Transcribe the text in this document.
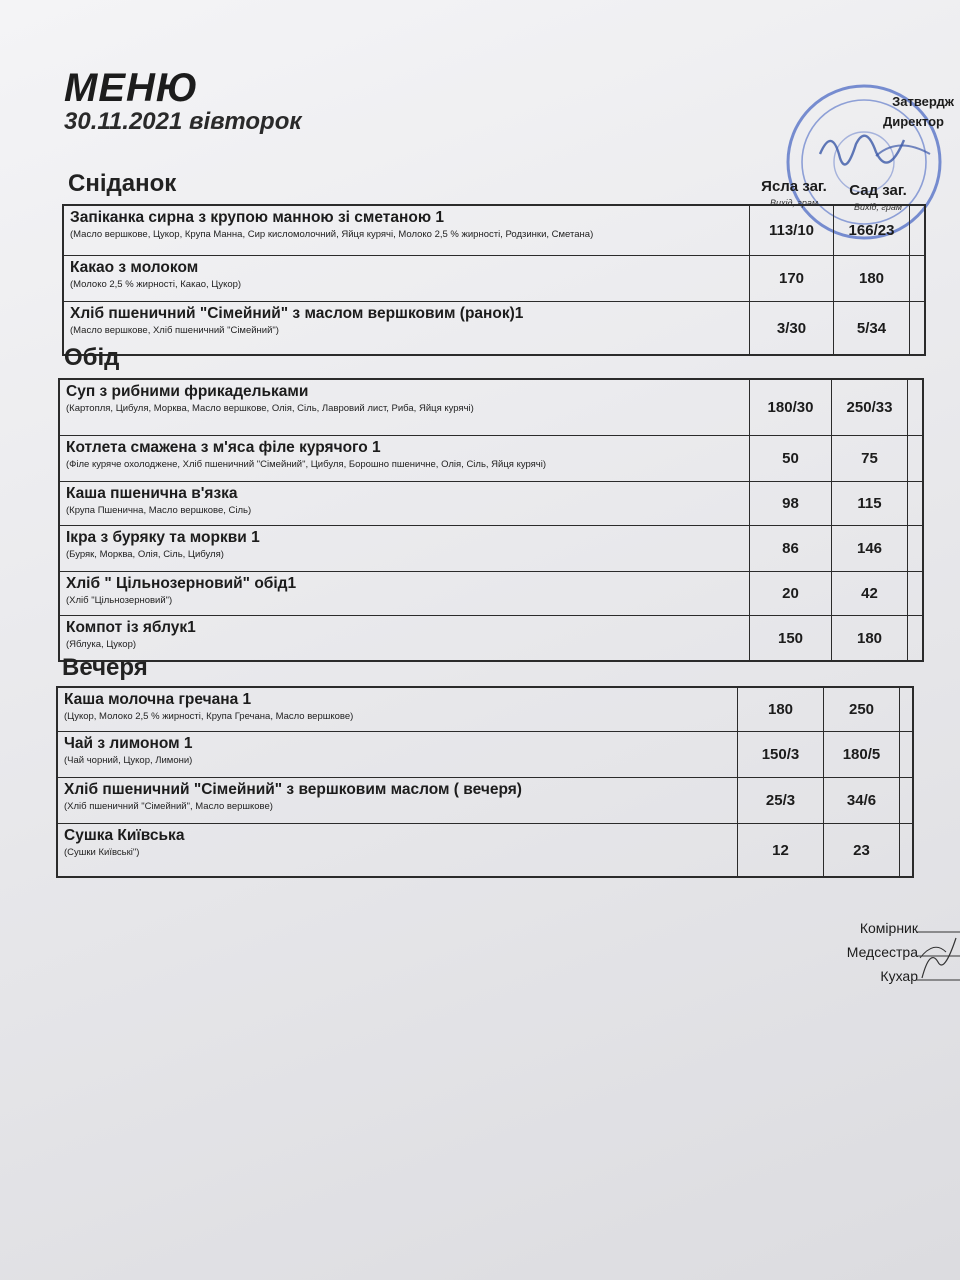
МЕНЮ
30.11.2021 вівторок
Затвердж
Директор
Ясла заг.	Сад заг.
Вихід, грам	Вихід, грам
Сніданок
Запіканка сирна з крупою манною зі сметаною 1
(Масло вершкове, Цукор, Крупа Манна, Сир кисломолочний, Яйця курячі, Молоко 2,5 % жирності, Родзинки, Сметана)	113/10	166/23
Какао з молоком
(Молоко 2,5 % жирності, Какао, Цукор)	170	180
Хліб пшеничний "Сімейний" з маслом вершковим (ранок)1
(Масло вершкове, Хліб пшеничний "Сімейний")	3/30	5/34
Обід
Суп з рибними фрикадельками
(Картопля, Цибуля, Морква, Масло вершкове, Олія, Сіль, Лавровий лист, Риба, Яйця курячі)	180/30	250/33
Котлета смажена з м'яса філе курячого 1
(Філе куряче охолоджене, Хліб пшеничний "Сімейний", Цибуля, Борошно пшеничне, Олія, Сіль, Яйця курячі)	50	75
Каша пшенична в'язка
(Крупа Пшенична, Масло вершкове, Сіль)	98	115
Ікра з буряку та моркви 1
(Буряк, Морква, Олія, Сіль, Цибуля)	86	146
Хліб " Цільнозерновий" обід1
(Хліб "Цільнозерновий")	20	42
Компот із яблук1
(Яблука, Цукор)	150	180
Вечеря
Каша молочна гречана 1
(Цукор, Молоко 2,5 % жирності, Крупа Гречана, Масло вершкове)	180	250
Чай з лимоном 1
(Чай чорний, Цукор, Лимони)	150/3	180/5
Хліб пшеничний "Сімейний" з вершковим маслом ( вечеря)
(Хліб пшеничний "Сімейний", Масло вершкове)	25/3	34/6
Сушка Київська
(Сушки Київські")	12	23
Комірник
Медсестра
Кухар
